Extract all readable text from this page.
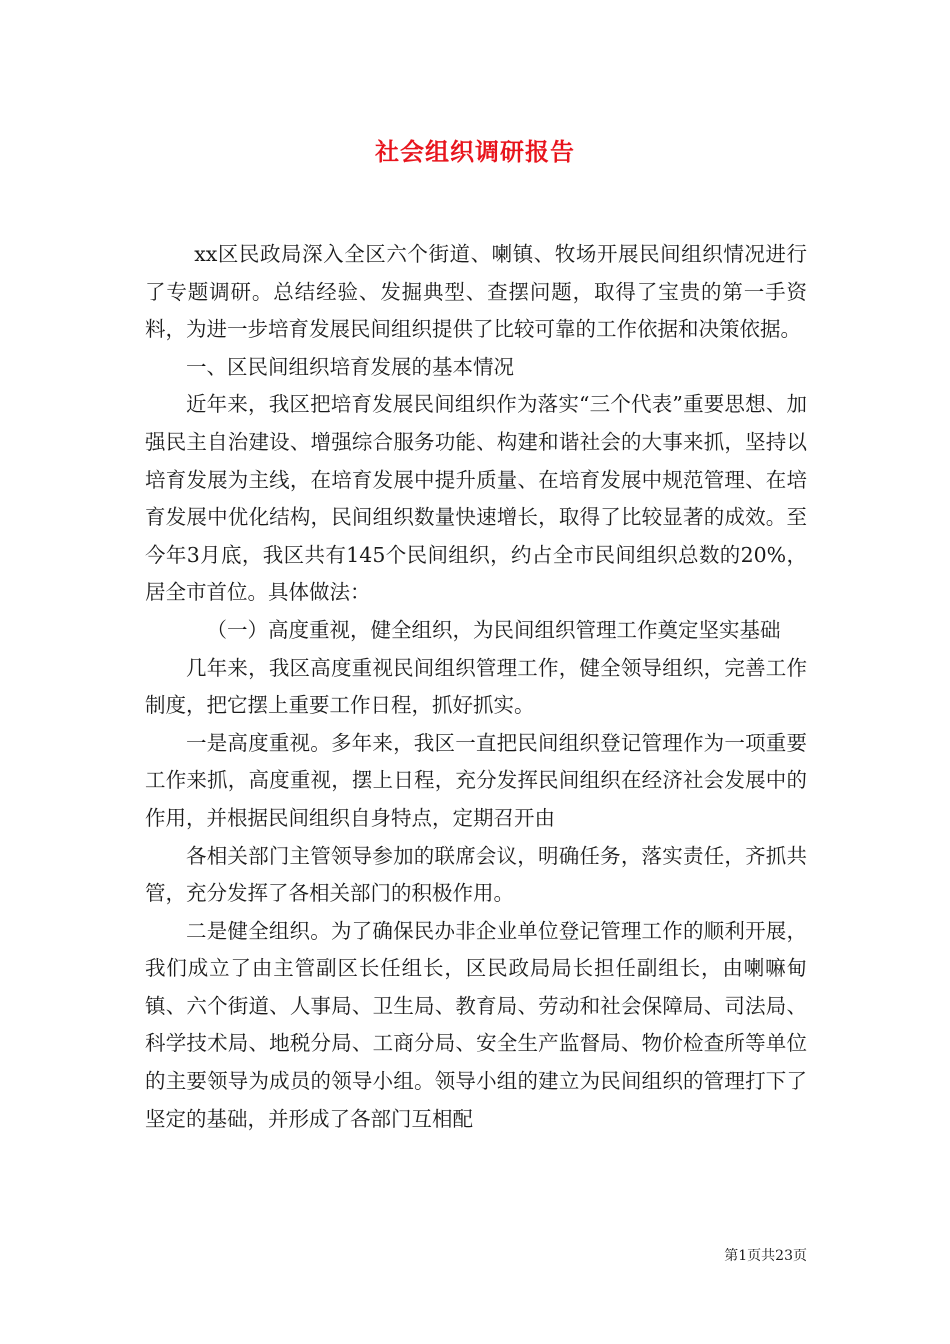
社会组织调研报告

xx区民政局深入全区六个街道、喇镇、牧场开展民间组织情况进行了专题调研。总结经验、发掘典型、查摆问题，取得了宝贵的第一手资料，为进一步培育发展民间组织提供了比较可靠的工作依据和决策依据。

一、区民间组织培育发展的基本情况

近年来，我区把培育发展民间组织作为落实“三个代表”重要思想、加强民主自治建设、增强综合服务功能、构建和谐社会的大事来抓，坚持以培育发展为主线，在培育发展中提升质量、在培育发展中规范管理、在培育发展中优化结构，民间组织数量快速增长，取得了比较显著的成效。至今年3月底，我区共有145个民间组织，约占全市民间组织总数的20%，居全市首位。具体做法：

（一）高度重视，健全组织，为民间组织管理工作奠定坚实基础

几年来，我区高度重视民间组织管理工作，健全领导组织，完善工作制度，把它摆上重要工作日程，抓好抓实。

一是高度重视。多年来，我区一直把民间组织登记管理作为一项重要工作来抓，高度重视，摆上日程，充分发挥民间组织在经济社会发展中的作用，并根据民间组织自身特点，定期召开由

各相关部门主管领导参加的联席会议，明确任务，落实责任，齐抓共管，充分发挥了各相关部门的积极作用。

二是健全组织。为了确保民办非企业单位登记管理工作的顺利开展，我们成立了由主管副区长任组长，区民政局局长担任副组长，由喇嘛甸镇、六个街道、人事局、卫生局、教育局、劳动和社会保障局、司法局、科学技术局、地税分局、工商分局、安全生产监督局、物价检查所等单位的主要领导为成员的领导小组。领导小组的建立为民间组织的管理打下了坚定的基础，并形成了各部门互相配

第1页共23页
